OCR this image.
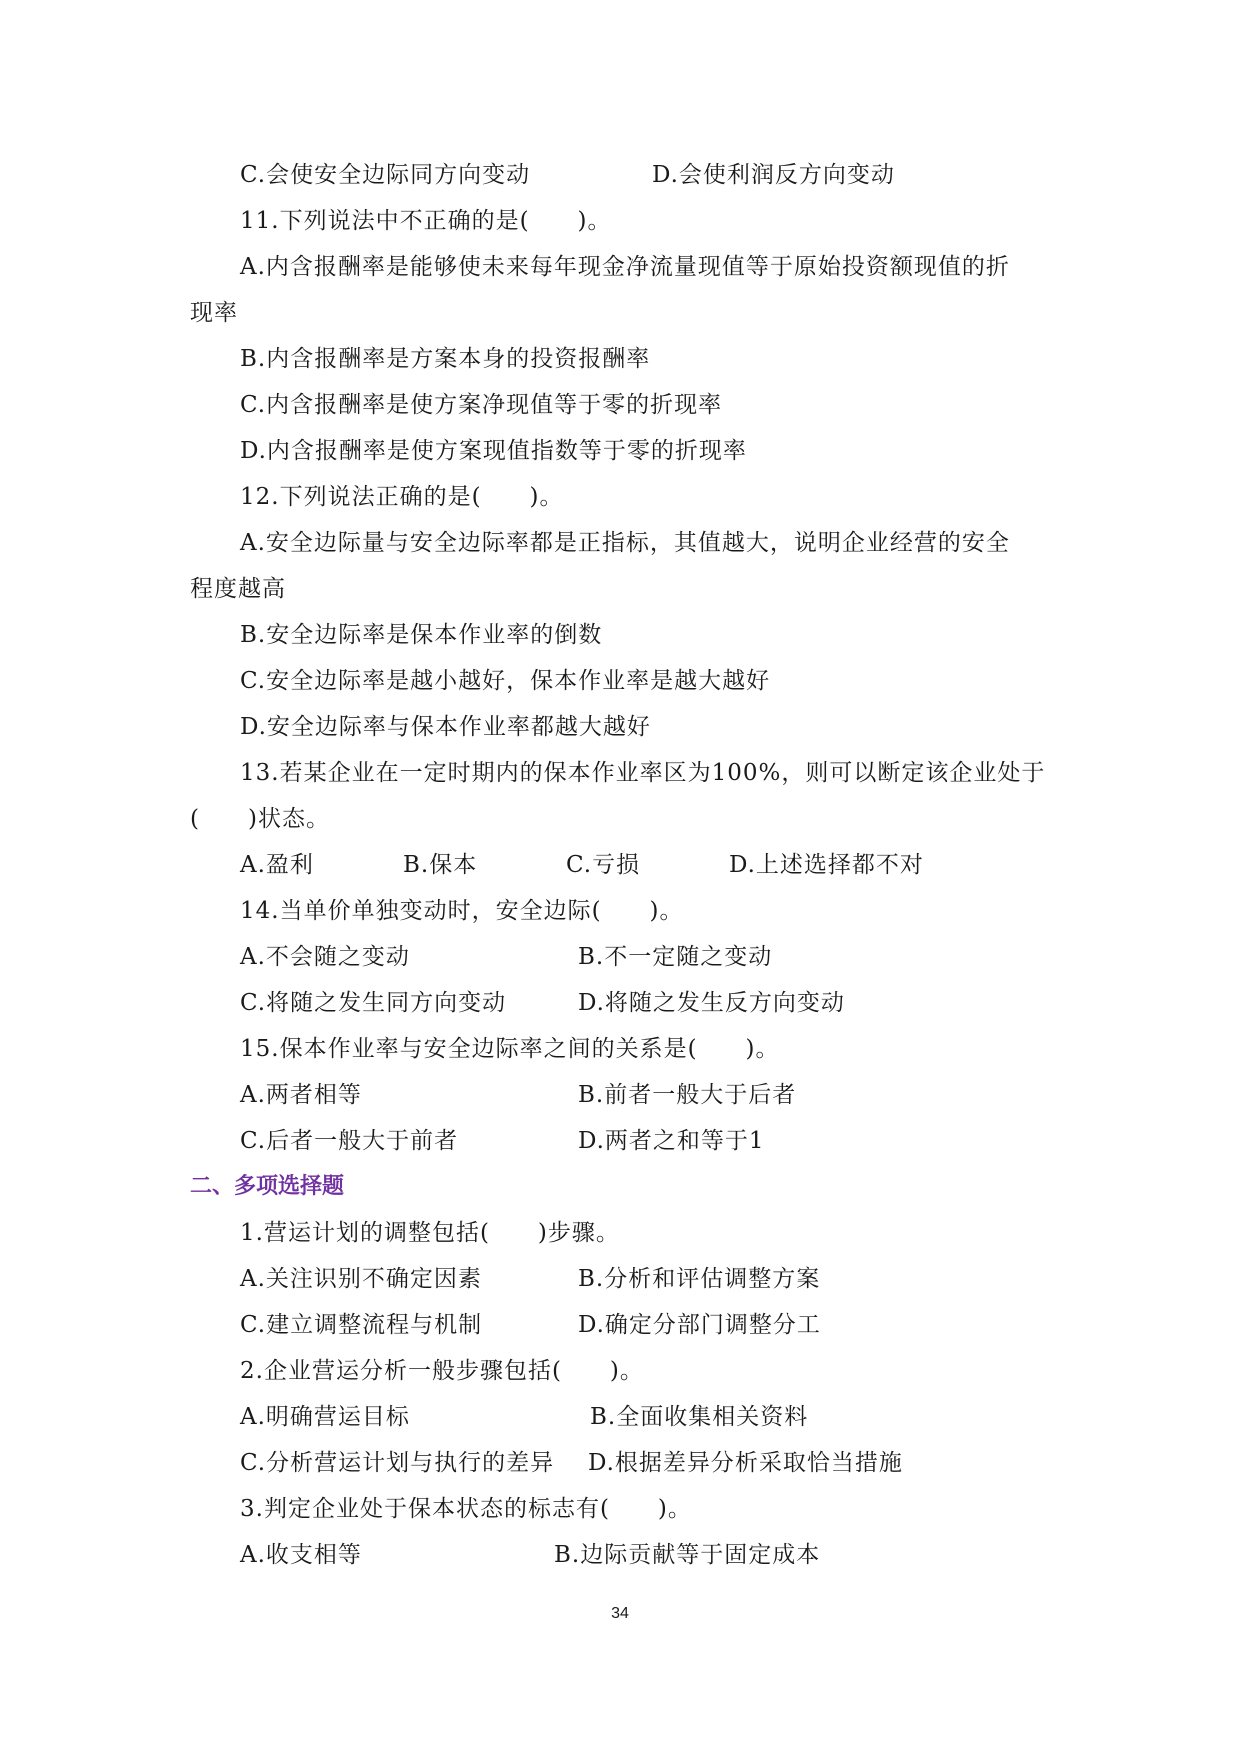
C.会使安全边际同方向变动	D.会使利润反方向变动
11.下列说法中不正确的是(　　)。
A.内含报酬率是能够使未来每年现金净流量现值等于原始投资额现值的折
现率
B.内含报酬率是方案本身的投资报酬率
C.内含报酬率是使方案净现值等于零的折现率
D.内含报酬率是使方案现值指数等于零的折现率
12.下列说法正确的是(　　)。
A.安全边际量与安全边际率都是正指标，其值越大，说明企业经营的安全
程度越高
B.安全边际率是保本作业率的倒数
C.安全边际率是越小越好，保本作业率是越大越好
D.安全边际率与保本作业率都越大越好
13.若某企业在一定时期内的保本作业率区为100%，则可以断定该企业处于
(　　)状态。
A.盈利	B.保本	C.亏损	D.上述选择都不对
14.当单价单独变动时，安全边际(　　)。
A.不会随之变动	B.不一定随之变动
C.将随之发生同方向变动	D.将随之发生反方向变动
15.保本作业率与安全边际率之间的关系是(　　)。
A.两者相等	B.前者一般大于后者
C.后者一般大于前者	D.两者之和等于1
二、多项选择题
1.营运计划的调整包括(　　)步骤。
A.关注识别不确定因素	B.分析和评估调整方案
C.建立调整流程与机制	D.确定分部门调整分工
2.企业营运分析一般步骤包括(　　)。
A.明确营运目标	B.全面收集相关资料
C.分析营运计划与执行的差异 D.根据差异分析采取恰当措施
3.判定企业处于保本状态的标志有(　　)。
A.收支相等	B.边际贡献等于固定成本
34
